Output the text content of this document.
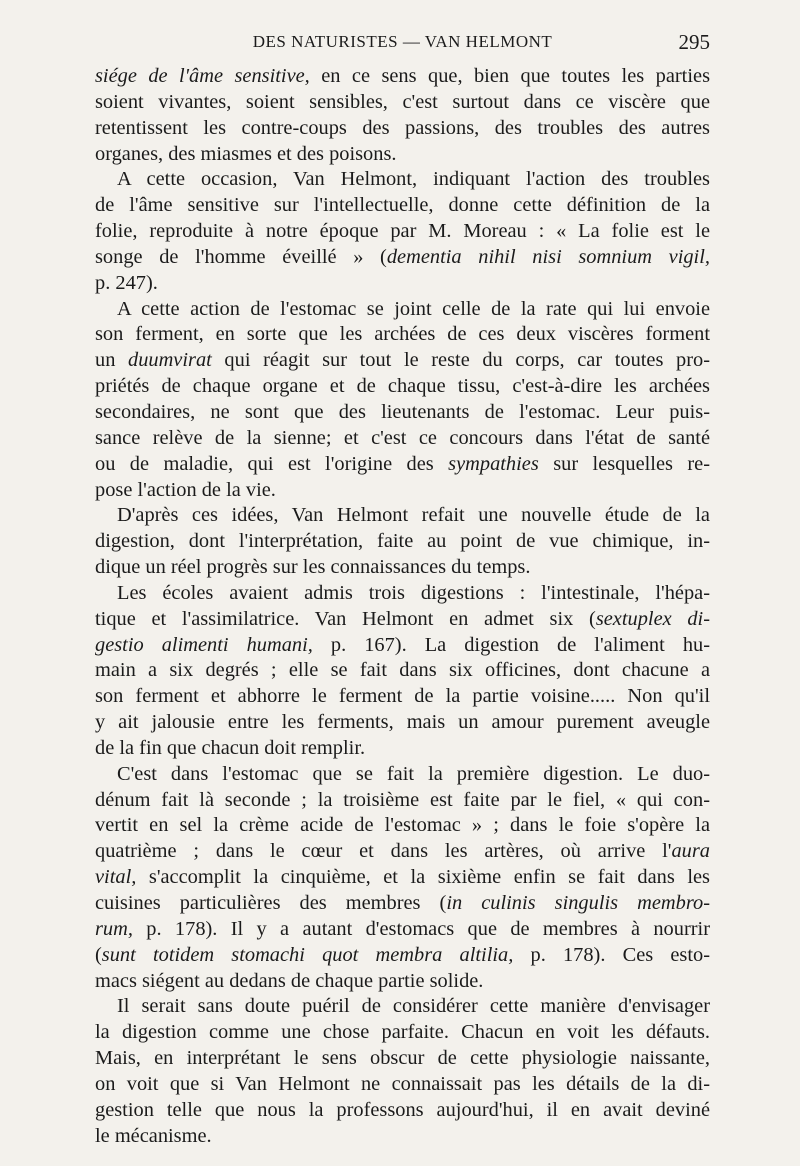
DES NATURISTES — VAN HELMONT	295
siége de l'âme sensitive, en ce sens que, bien que toutes les parties
soient vivantes, soient sensibles, c'est surtout dans ce viscère que
retentissent les contre-coups des passions, des troubles des autres
organes, des miasmes et des poisons.
A cette occasion, Van Helmont, indiquant l'action des troubles
de l'âme sensitive sur l'intellectuelle, donne cette définition de la
folie, reproduite à notre époque par M. Moreau : « La folie est le
songe de l'homme éveillé » (dementia nihil nisi somnium vigil,
p. 247).
A cette action de l'estomac se joint celle de la rate qui lui envoie
son ferment, en sorte que les archées de ces deux viscères forment
un duumvirat qui réagit sur tout le reste du corps, car toutes pro-
priétés de chaque organe et de chaque tissu, c'est-à-dire les archées
secondaires, ne sont que des lieutenants de l'estomac. Leur puis-
sance relève de la sienne; et c'est ce concours dans l'état de santé
ou de maladie, qui est l'origine des sympathies sur lesquelles re-
pose l'action de la vie.
D'après ces idées, Van Helmont refait une nouvelle étude de la
digestion, dont l'interprétation, faite au point de vue chimique, in-
dique un réel progrès sur les connaissances du temps.
Les écoles avaient admis trois digestions : l'intestinale, l'hépa-
tique et l'assimilatrice. Van Helmont en admet six (sextuplex di-
gestio alimenti humani, p. 167). La digestion de l'aliment hu-
main a six degrés ; elle se fait dans six officines, dont chacune a
son ferment et abhorre le ferment de la partie voisine..... Non qu'il
y ait jalousie entre les ferments, mais un amour purement aveugle
de la fin que chacun doit remplir.
C'est dans l'estomac que se fait la première digestion. Le duo-
dénum fait là seconde ; la troisième est faite par le fiel, « qui con-
vertit en sel la crème acide de l'estomac » ; dans le foie s'opère la
quatrième ; dans le cœur et dans les artères, où arrive l'aura
vital, s'accomplit la cinquième, et la sixième enfin se fait dans les
cuisines particulières des membres (in culinis singulis membro-
rum, p. 178). Il y a autant d'estomacs que de membres à nourrir
(sunt totidem stomachi quot membra altilia, p. 178). Ces esto-
macs siégent au dedans de chaque partie solide.
Il serait sans doute puéril de considérer cette manière d'envisager
la digestion comme une chose parfaite. Chacun en voit les défauts.
Mais, en interprétant le sens obscur de cette physiologie naissante,
on voit que si Van Helmont ne connaissait pas les détails de la di-
gestion telle que nous la professons aujourd'hui, il en avait deviné
le mécanisme.
